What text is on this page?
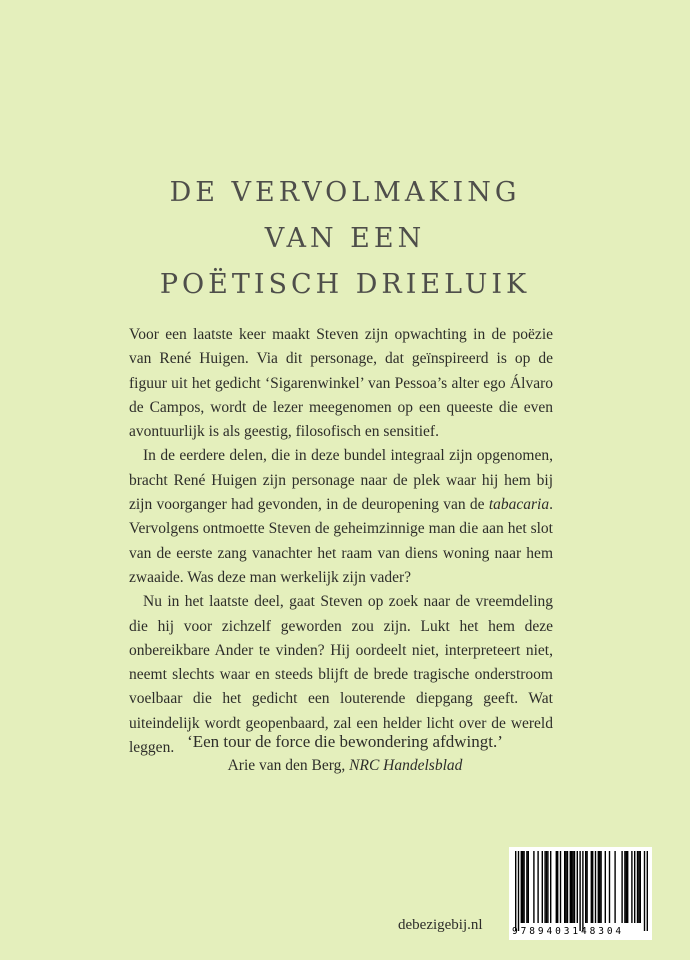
DE VERVOLMAKING
VAN EEN
POËTISCH DRIELUIK

Voor een laatste keer maakt Steven zijn opwachting in de poëzie van René Huigen. Via dit personage, dat geïnspireerd is op de figuur uit het gedicht ‘Sigarenwinkel’ van Pessoa’s alter ego Álvaro de Campos, wordt de lezer meegenomen op een queeste die even avontuurlijk is als geestig, filosofisch en sensitief.

In de eerdere delen, die in deze bundel integraal zijn opgenomen, bracht René Huigen zijn personage naar de plek waar hij hem bij zijn voorganger had gevonden, in de deuropening van de tabacaria. Vervolgens ontmoette Steven de geheimzinnige man die aan het slot van de eerste zang vanachter het raam van diens woning naar hem zwaaide. Was deze man werkelijk zijn vader?

Nu in het laatste deel, gaat Steven op zoek naar de vreemdeling die hij voor zichzelf geworden zou zijn. Lukt het hem deze onbereikbare Ander te vinden? Hij oordeelt niet, interpreteert niet, neemt slechts waar en steeds blijft de brede tragische onderstroom voelbaar die het gedicht een louterende diepgang geeft. Wat uiteindelijk wordt geopenbaard, zal een helder licht over de wereld leggen. ‘Een tour de force die bewondering afdwingt.’
Arie van den Berg, NRC Handelsblad
debezigebij.nl	9789403148304
